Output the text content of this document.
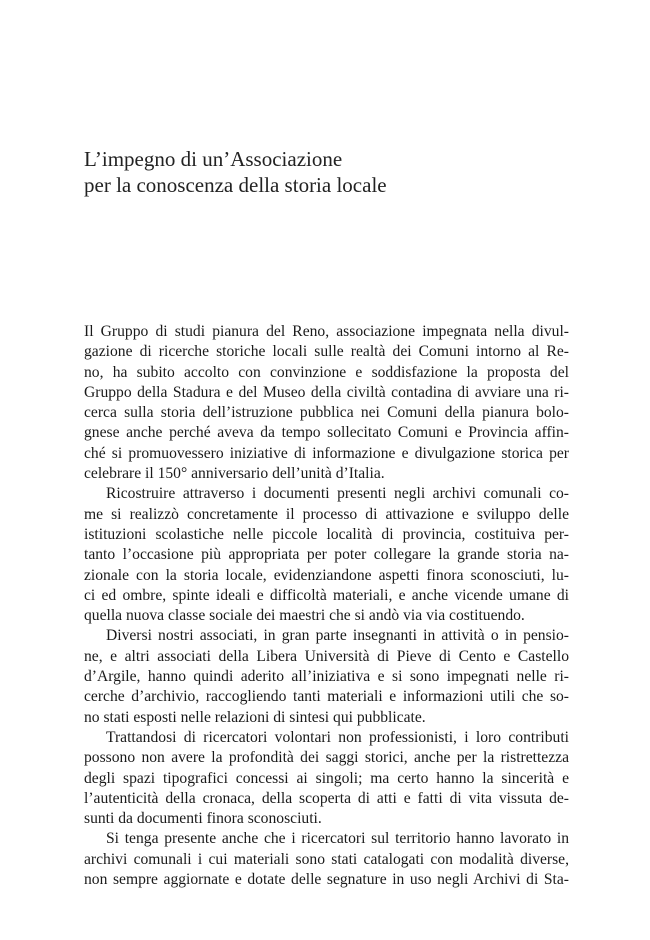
L’impegno di un’Associazione
per la conoscenza della storia locale
Il Gruppo di studi pianura del Reno, associazione impegnata nella divul-
gazione di ricerche storiche locali sulle realtà dei Comuni intorno al Re-
no, ha subito accolto con convinzione e soddisfazione la proposta del
Gruppo della Stadura e del Museo della civiltà contadina di avviare una ri-
cerca sulla storia dell’istruzione pubblica nei Comuni della pianura bolo-
gnese anche perché aveva da tempo sollecitato Comuni e Provincia affin-
ché si promuovessero iniziative di informazione e divulgazione storica per
celebrare il 150° anniversario dell’unità d’Italia.
Ricostruire attraverso i documenti presenti negli archivi comunali co-
me si realizzò concretamente il processo di attivazione e sviluppo delle
istituzioni scolastiche nelle piccole località di provincia, costituiva per-
tanto l’occasione più appropriata per poter collegare la grande storia na-
zionale con la storia locale, evidenziandone aspetti finora sconosciuti, lu-
ci ed ombre, spinte ideali e difficoltà materiali, e anche vicende umane di
quella nuova classe sociale dei maestri che si andò via via costituendo.
Diversi nostri associati, in gran parte insegnanti in attività o in pensio-
ne, e altri associati della Libera Università di Pieve di Cento e Castello
d’Argile, hanno quindi aderito all’iniziativa e si sono impegnati nelle ri-
cerche d’archivio, raccogliendo tanti materiali e informazioni utili che so-
no stati esposti nelle relazioni di sintesi qui pubblicate.
Trattandosi di ricercatori volontari non professionisti, i loro contributi
possono non avere la profondità dei saggi storici, anche per la ristrettezza
degli spazi tipografici concessi ai singoli; ma certo hanno la sincerità e
l’autenticità della cronaca, della scoperta di atti e fatti di vita vissuta de-
sunti da documenti finora sconosciuti.
Si tenga presente anche che i ricercatori sul territorio hanno lavorato in
archivi comunali i cui materiali sono stati catalogati con modalità diverse,
non sempre aggiornate e dotate delle segnature in uso negli Archivi di Sta-
